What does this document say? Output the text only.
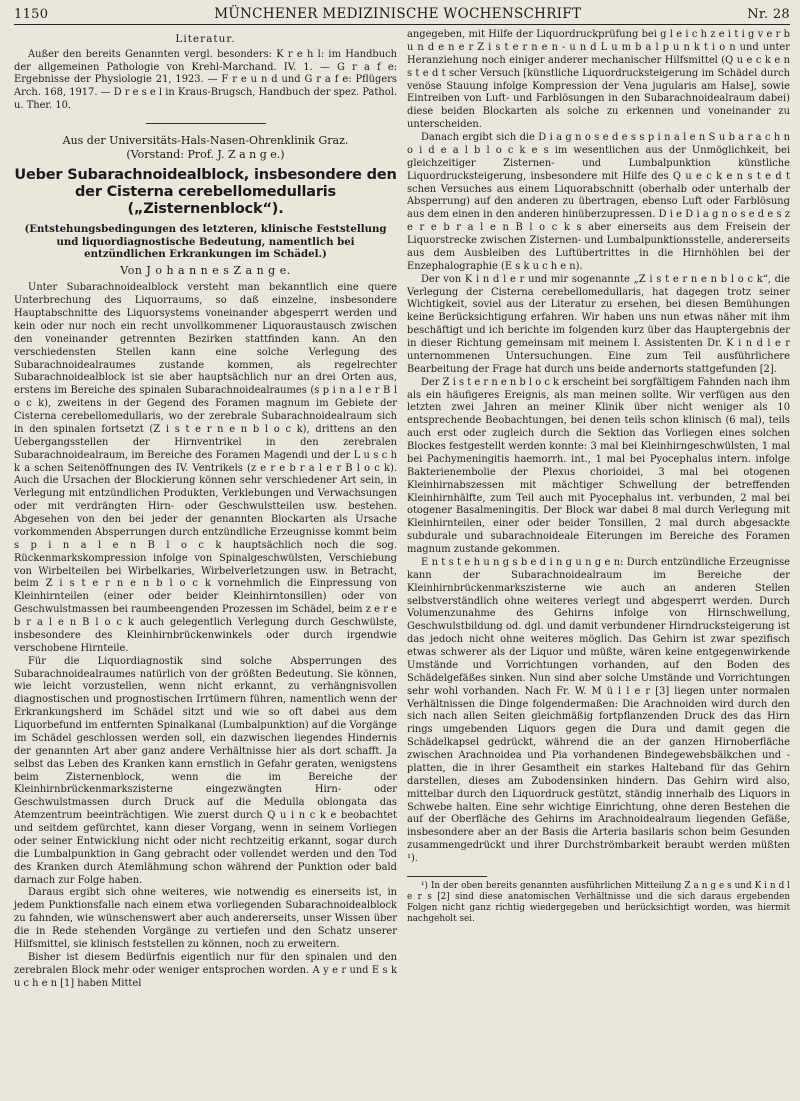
1150	MÜNCHENER MEDIZINISCHE WOCHENSCHRIFT	Nr. 28
Literatur.

Außer den bereits Genannten vergl. besonders: K r e h l: im Handbuch der allgemeinen Pathologie von Krehl-Marchand. IV. 1. — G r a f e: Ergebnisse der Physiologie 21, 1923. — F r e u n d und G r a f e: Pflügers Arch. 168, 1917. — D r e s e l in Kraus-Brugsch, Handbuch der spez. Pathol. u. Ther. 10.

Aus der Universitäts-Hals-Nasen-Ohrenklinik Graz.
(Vorstand: Prof. J. Z a n g e.)
Ueber Subarachnoidealblock, insbesondere den der Cisterna cerebellomedullaris („Zisternenblock“).
(Entstehungsbedingungen des letzteren, klinische Feststellung und liquordiagnostische Bedeutung, namentlich bei entzündlichen Erkrankungen im Schädel.)
Von J o h a n n e s Z a n g e.

Unter Subarachnoidealblock versteht man bekanntlich eine quere Unterbrechung des Liquorraums, so daß einzelne, insbesondere Hauptabschnitte des Liquorsystems voneinander abgesperrt werden und kein oder nur noch ein recht unvollkommener Liquoraustausch zwischen den voneinander getrennten Bezirken stattfinden kann. An den verschiedensten Stellen kann eine solche Verlegung des Subarachnoidealraumes zustande kommen, als regelrechter Subarachnoidealblock ist sie aber hauptsächlich nur an drei Orten aus, erstens im Bereiche des spinalen Subarachnoidealraumes (s p i n a l e r B l o c k), zweitens in der Gegend des Foramen magnum im Gebiete der Cisterna cerebellomedullaris, wo der zerebrale Subarachnoidealraum sich in den spinalen fortsetzt (Z i s t e r n e n b l o c k), drittens an den Uebergangsstellen der Hirnventrikel in den zerebralen Subarachnoidealraum, im Bereiche des Foramen Magendi und der L u s c h k a schen Seitenöffnungen des IV. Ventrikels (z e r e b r a l e r B l o c k). Auch die Ursachen der Blockierung können sehr verschiedener Art sein, in Verlegung mit entzündlichen Produkten, Verklebungen und Verwachsungen oder mit verdrängten Hirn- oder Geschwulstteilen usw. bestehen. Abgesehen von den bei jeder der genannten Blockarten als Ursache vorkommenden Absperrungen durch entzündliche Erzeugnisse kommt beim s p i n a l e n B l o c k hauptsächlich noch die sog. Rückenmarkskompression infolge von Spinalgeschwülsten, Verschiebung von Wirbelteilen bei Wirbelkaries, Wirbelverletzungen usw. in Betracht, beim Z i s t e r n e n b l o c k vornehmlich die Einpressung von Kleinhirnteilen (einer oder beider Kleinhirntonsillen) oder von Geschwulstmassen bei raumbeengenden Prozessen im Schädel, beim z e r e b r a l e n B l o c k auch gelegentlich Verlegung durch Geschwülste, insbesondere des Kleinhirnbrückenwinkels oder durch irgendwie verschobene Hirnteile.

Für die Liquordiagnostik sind solche Absperrungen des Subarachnoidealraumes natürlich von der größten Bedeutung. Sie können, wie leicht vorzustellen, wenn nicht erkannt, zu verhängnisvollen diagnostischen und prognostischen Irrtümern führen, namentlich wenn der Erkrankungsherd im Schädel sitzt und wie so oft dabei aus dem Liquorbefund im entfernten Spinalkanal (Lumbalpunktion) auf die Vorgänge im Schädel geschlossen werden soll, ein dazwischen liegendes Hindernis der genannten Art aber ganz andere Verhältnisse hier als dort schafft. Ja selbst das Leben des Kranken kann ernstlich in Gefahr geraten, wenigstens beim Zisternenblock, wenn die im Bereiche der Kleinhirnbrückenmarkszisterne eingezwängten Hirn- oder Geschwulstmassen durch Druck auf die Medulla oblongata das Atemzentrum beeinträchtigen. Wie zuerst durch Q u i n c k e beobachtet und seitdem gefürchtet, kann dieser Vorgang, wenn in seinem Vorliegen oder seiner Entwicklung nicht oder nicht rechtzeitig erkannt, sogar durch die Lumbalpunktion in Gang gebracht oder vollendet werden und den Tod des Kranken durch Atemlähmung schon während der Punktion oder bald darnach zur Folge haben.

Daraus ergibt sich ohne weiteres, wie notwendig es einerseits ist, in jedem Punktionsfalle nach einem etwa vorliegenden Subarachnoidealblock zu fahnden, wie wünschenswert aber auch andererseits, unser Wissen über die in Rede stehenden Vorgänge zu vertiefen und den Schatz unserer Hilfsmittel, sie klinisch feststellen zu können, noch zu erweitern.

Bisher ist diesem Bedürfnis eigentlich nur für den spinalen und den zerebralen Block mehr oder weniger entsprochen worden. A y e r und E s k u c h e n [1] haben Mittel

angegeben, mit Hilfe der Liquordruckprüfung bei g l e i c h z e i t i g v e r b u n d e n e r Z i s t e r n e n - u n d L u m b a l p u n k t i o n und unter Heranziehung noch einiger anderer mechanischer Hilfsmittel (Q u e c k e n s t e d t scher Versuch [künstliche Liquordrucksteigerung im Schädel durch venöse Stauung infolge Kompression der Vena jugularis am Halse], sowie Eintreiben von Luft- und Farblösungen in den Subarachnoidealraum dabei) diese beiden Blockarten als solche zu erkennen und voneinander zu unterscheiden.

Danach ergibt sich die D i a g n o s e d e s s p i n a l e n S u b a r a c h n o i d e a l b l o c k e s im wesentlichen aus der Unmöglichkeit, bei gleichzeitiger Zisternen- und Lumbalpunktion künstliche Liquordrucksteigerung, insbesondere mit Hilfe des Q u e c k e n s t e d t schen Versuches aus einem Liquorabschnitt (oberhalb oder unterhalb der Absperrung) auf den anderen zu übertragen, ebenso Luft oder Farblösung aus dem einen in den anderen hinüberzupressen. D i e D i a g n o s e d e s z e r e b r a l e n B l o c k s aber einerseits aus dem Freisein der Liquorstrecke zwischen Zisternen- und Lumbalpunktionsstelle, andererseits aus dem Ausbleiben des Luftübertrittes in die Hirnhöhlen bei der Enzephalographie (E s k u c h e n).

Der von K i n d l e r und mir sogenannte „Z i s t e r n e n b l o c k“, die Verlegung der Cisterna cerebellomedullaris, hat dagegen trotz seiner Wichtigkeit, soviel aus der Literatur zu ersehen, bei diesen Bemühungen keine Berücksichtigung erfahren. Wir haben uns nun etwas näher mit ihm beschäftigt und ich berichte im folgenden kurz über das Hauptergebnis der in dieser Richtung gemeinsam mit meinem I. Assistenten Dr. K i n d l e r unternommenen Untersuchungen. Eine zum Teil ausführlichere Bearbeitung der Frage hat durch uns beide andernorts stattgefunden [2].

Der Z i s t e r n e n b l o c k erscheint bei sorgfältigem Fahnden nach ihm als ein häufigeres Ereignis, als man meinen sollte. Wir verfügen aus den letzten zwei Jahren an meiner Klinik über nicht weniger als 10 entsprechende Beobachtungen, bei denen teils schon klinisch (6 mal), teils auch erst oder zugleich durch die Sektion das Vorliegen eines solchen Blockes festgestellt werden konnte: 3 mal bei Kleinhirngeschwülsten, 1 mal bei Pachymeningitis haemorrh. int., 1 mal bei Pyocephalus intern. infolge Bakterienembolie der Plexus chorioidei, 3 mal bei otogenen Kleinhirnabszessen mit mächtiger Schwellung der betreffenden Kleinhirnhälfte, zum Teil auch mit Pyocephalus int. verbunden, 2 mal bei otogener Basalmeningitis. Der Block war dabei 8 mal durch Verlegung mit Kleinhirnteilen, einer oder beider Tonsillen, 2 mal durch abgesackte subdurale und subarachnoideale Eiterungen im Bereiche des Foramen magnum zustande gekommen.

E n t s t e h u n g s b e d i n g u n g e n: Durch entzündliche Erzeugnisse kann der Subarachnoidealraum im Bereiche der Kleinhirnbrückenmarkszisterne wie auch an anderen Stellen selbstverständlich ohne weiteres verlegt und abgesperrt werden. Durch Volumenzunahme des Gehirns infolge von Hirnschwellung, Geschwulstbildung od. dgl. und damit verbundener Hirndrucksteigerung ist das jedoch nicht ohne weiteres möglich. Das Gehirn ist zwar spezifisch etwas schwerer als der Liquor und müßte, wären keine entgegenwirkende Umstände und Vorrichtungen vorhanden, auf den Boden des Schädelgefäßes sinken. Nun sind aber solche Umstände und Vorrichtungen sehr wohl vorhanden. Nach Fr. W. M ü l l e r [3] liegen unter normalen Verhältnissen die Dinge folgendermaßen: Die Arachnoiden wird durch den sich nach allen Seiten gleichmäßig fortpflanzenden Druck des das Hirn rings umgebenden Liquors gegen die Dura und damit gegen die Schädelkapsel gedrückt, während die an der ganzen Hirnoberfläche zwischen Arachnoidea und Pia vorhandenen Bindegewebsbälkchen und -platten, die in ihrer Gesamtheit ein starkes Halteband für das Gehirn darstellen, dieses am Zubodensinken hindern. Das Gehirn wird also, mittelbar durch den Liquordruck gestützt, ständig innerhalb des Liquors in Schwebe halten. Eine sehr wichtige Einrichtung, ohne deren Bestehen die auf der Oberfläche des Gehirns im Arachnoidealraum liegenden Gefäße, insbesondere aber an der Basis die Arteria basilaris schon beim Gesunden zusammengedrückt und ihrer Durchströmbarkeit beraubt werden müßten ¹).

¹) In der oben bereits genannten ausführlichen Mitteilung Z a n g e s und K i n d l e r s [2] sind diese anatomischen Verhältnisse und die sich daraus ergebenden Folgen nicht ganz richtig wiedergegeben und berücksichtigt worden, was hiermit nachgeholt sei.
